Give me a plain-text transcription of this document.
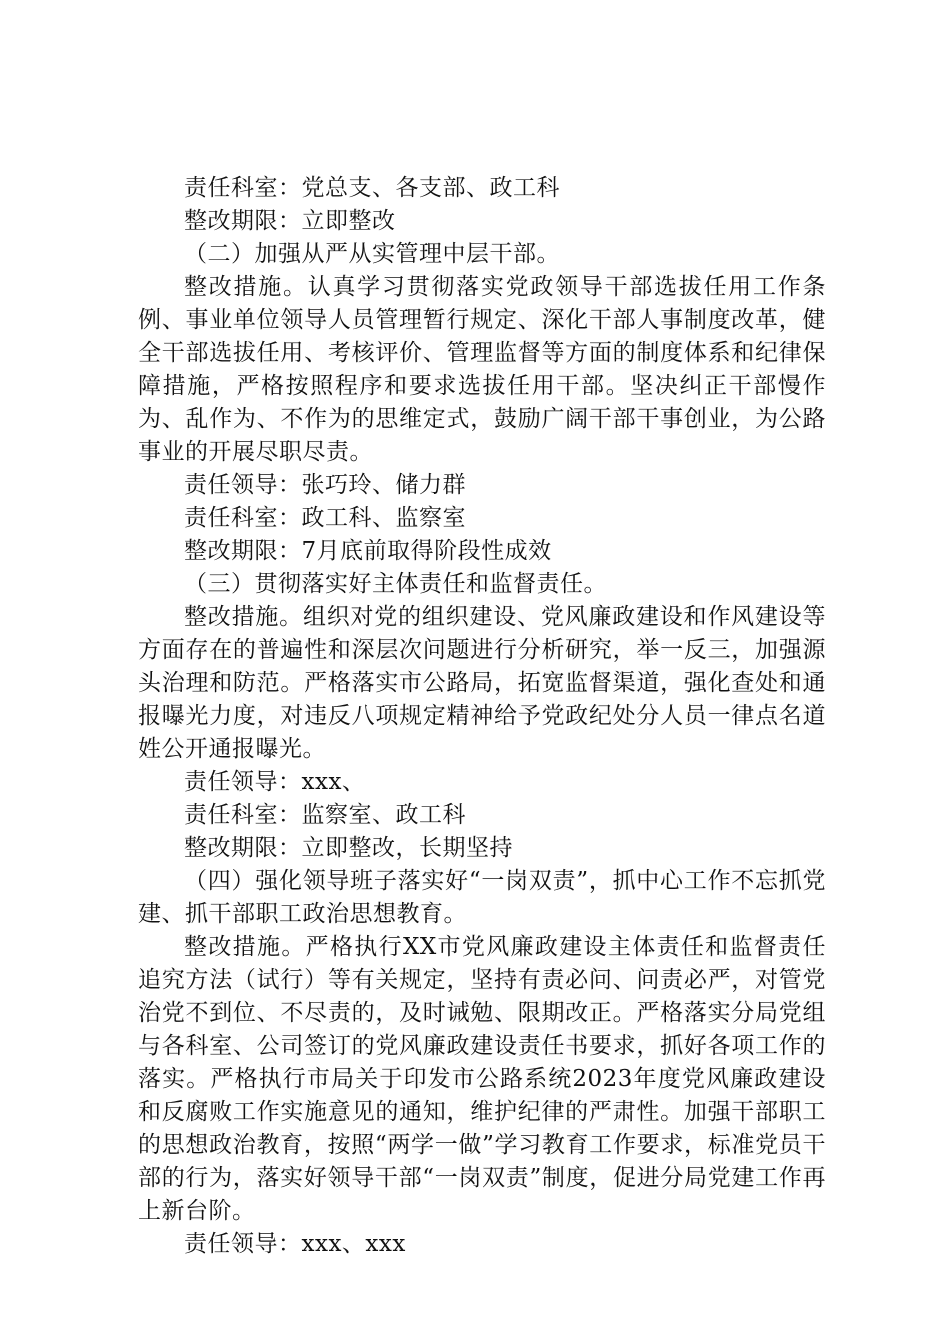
责任科室：党总支、各支部、政工科

整改期限：立即整改

（二）加强从严从实管理中层干部。

整改措施。认真学习贯彻落实党政领导干部选拔任用工作条例、事业单位领导人员管理暂行规定、深化干部人事制度改革，健全干部选拔任用、考核评价、管理监督等方面的制度体系和纪律保障措施，严格按照程序和要求选拔任用干部。坚决纠正干部慢作为、乱作为、不作为的思维定式，鼓励广阔干部干事创业，为公路事业的开展尽职尽责。

责任领导：张巧玲、储力群

责任科室：政工科、监察室

整改期限：7月底前取得阶段性成效

（三）贯彻落实好主体责任和监督责任。

整改措施。组织对党的组织建设、党风廉政建设和作风建设等方面存在的普遍性和深层次问题进行分析研究，举一反三，加强源头治理和防范。严格落实市公路局，拓宽监督渠道，强化查处和通报曝光力度，对违反八项规定精神给予党政纪处分人员一律点名道姓公开通报曝光。

责任领导：xxx、

责任科室：监察室、政工科

整改期限：立即整改，长期坚持

（四）强化领导班子落实好“一岗双责”，抓中心工作不忘抓党建、抓干部职工政治思想教育。

整改措施。严格执行XX市党风廉政建设主体责任和监督责任追究方法（试行）等有关规定，坚持有责必问、问责必严，对管党治党不到位、不尽责的，及时诫勉、限期改正。严格落实分局党组与各科室、公司签订的党风廉政建设责任书要求，抓好各项工作的落实。严格执行市局关于印发市公路系统2023年度党风廉政建设和反腐败工作实施意见的通知，维护纪律的严肃性。加强干部职工的思想政治教育，按照“两学一做”学习教育工作要求，标准党员干部的行为，落实好领导干部“一岗双责”制度，促进分局党建工作再上新台阶。

责任领导：xxx、xxx
